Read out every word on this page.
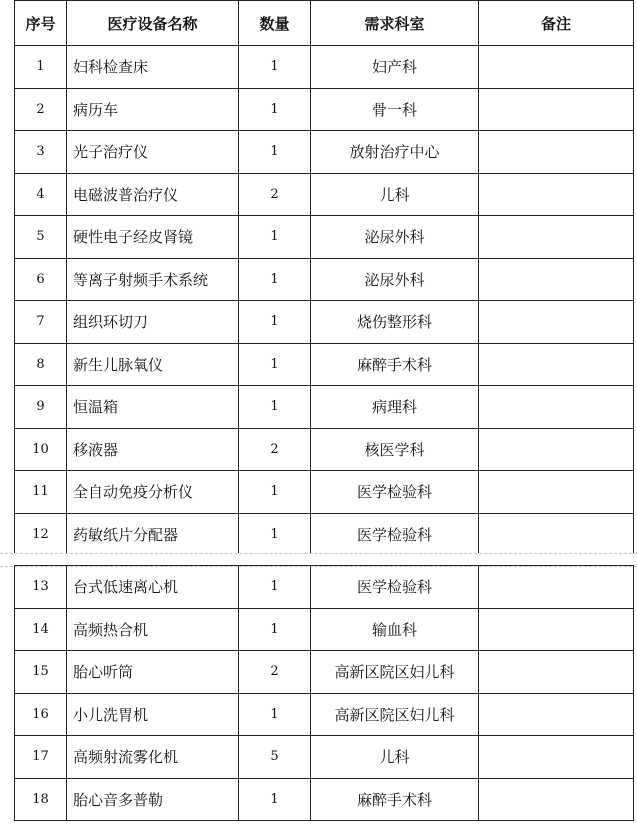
序号	医疗设备名称	数量	需求科室	备注
1	妇科检查床	1	妇产科	
2	病历车	1	骨一科	
3	光子治疗仪	1	放射治疗中心	
4	电磁波普治疗仪	2	儿科	
5	硬性电子经皮肾镜	1	泌尿外科	
6	等离子射频手术系统	1	泌尿外科	
7	组织环切刀	1	烧伤整形科	
8	新生儿脉氧仪	1	麻醉手术科	
9	恒温箱	1	病理科	
10	移液器	2	核医学科	
11	全自动免疫分析仪	1	医学检验科	
12	药敏纸片分配器	1	医学检验科	
13	台式低速离心机	1	医学检验科	
14	高频热合机	1	输血科	
15	胎心听筒	2	高新区院区妇儿科	
16	小儿洗胃机	1	高新区院区妇儿科	
17	高频射流雾化机	5	儿科	
18	胎心音多普勒	1	麻醉手术科	
